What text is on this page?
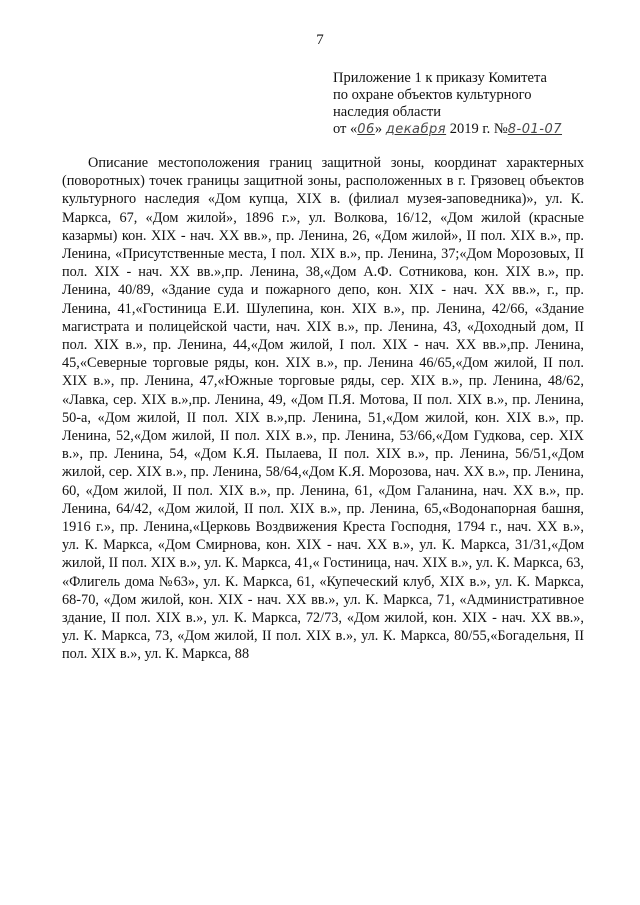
7
Приложение 1 к приказу Комитета
по охране объектов культурного
наследия области
от «06» декабря 2019 г. №8-01-07

Описание местоположения границ защитной зоны, координат характерных (поворотных) точек границы защитной зоны, расположенных в г. Грязовец объектов культурного наследия «Дом купца, XIX в. (филиал музея-заповедника)», ул. К. Маркса, 67, «Дом жилой», 1896 г.», ул. Волкова, 16/12, «Дом жилой (красные казармы) кон. XIX - нач. XX вв.», пр. Ленина, 26, «Дом жилой», II пол. XIX в.», пр. Ленина, «Присутственные места, I пол. XIX в.», пр. Ленина, 37;«Дом Морозовых, II пол. XIX - нач. XX вв.»,пр. Ленина, 38,«Дом А.Ф. Сотникова, кон. XIX в.», пр. Ленина, 40/89, «Здание суда и пожарного депо, кон. XIX - нач. XX вв.», г., пр. Ленина, 41,«Гостиница Е.И. Шулепина, кон. XIX в.», пр. Ленина, 42/66, «Здание магистрата и полицейской части, нач. XIX в.», пр. Ленина, 43, «Доходный дом, II пол. XIX в.», пр. Ленина, 44,«Дом жилой, I пол. XIX - нач. XX вв.»,пр. Ленина, 45,«Северные торговые ряды, кон. XIX в.», пр. Ленина 46/65,«Дом жилой, II пол. XIX в.», пр. Ленина, 47,«Южные торговые ряды, сер. XIX в.», пр. Ленина, 48/62, «Лавка, сер. XIX в.»,пр. Ленина, 49, «Дом П.Я. Мотова, II пол. XIX в.», пр. Ленина, 50-а, «Дом жилой, II пол. XIX в.»,пр. Ленина, 51,«Дом жилой, кон. XIX в.», пр. Ленина, 52,«Дом жилой, II пол. XIX в.», пр. Ленина, 53/66,«Дом Гудкова, сер. XIX в.», пр. Ленина, 54, «Дом К.Я. Пылаева, II пол. XIX в.», пр. Ленина, 56/51,«Дом жилой, сер. XIX в.», пр. Ленина, 58/64,«Дом К.Я. Морозова, нач. XX в.», пр. Ленина, 60, «Дом жилой, II пол. XIX в.», пр. Ленина, 61, «Дом Галанина, нач. XX в.», пр. Ленина, 64/42, «Дом жилой, II пол. XIX в.», пр. Ленина, 65,«Водонапорная башня, 1916 г.», пр. Ленина,«Церковь Воздвижения Креста Господня, 1794 г., нач. XX в.», ул. К. Маркса, «Дом Смирнова, кон. XIX - нач. XX в.», ул. К. Маркса, 31/31,«Дом жилой, II пол. XIX в.», ул. К. Маркса, 41,« Гостиница, нач. XIX в.», ул. К. Маркса, 63, «Флигель дома №63», ул. К. Маркса, 61, «Купеческий клуб, XIX в.», ул. К. Маркса, 68-70, «Дом жилой, кон. XIX - нач. XX вв.», ул. К. Маркса, 71, «Административное здание, II пол. XIX в.», ул. К. Маркса, 72/73, «Дом жилой, кон. XIX - нач. XX вв.», ул. К. Маркса, 73, «Дом жилой, II пол. XIX в.», ул. К. Маркса, 80/55,«Богадельня, II пол. XIX в.», ул. К. Маркса, 88
